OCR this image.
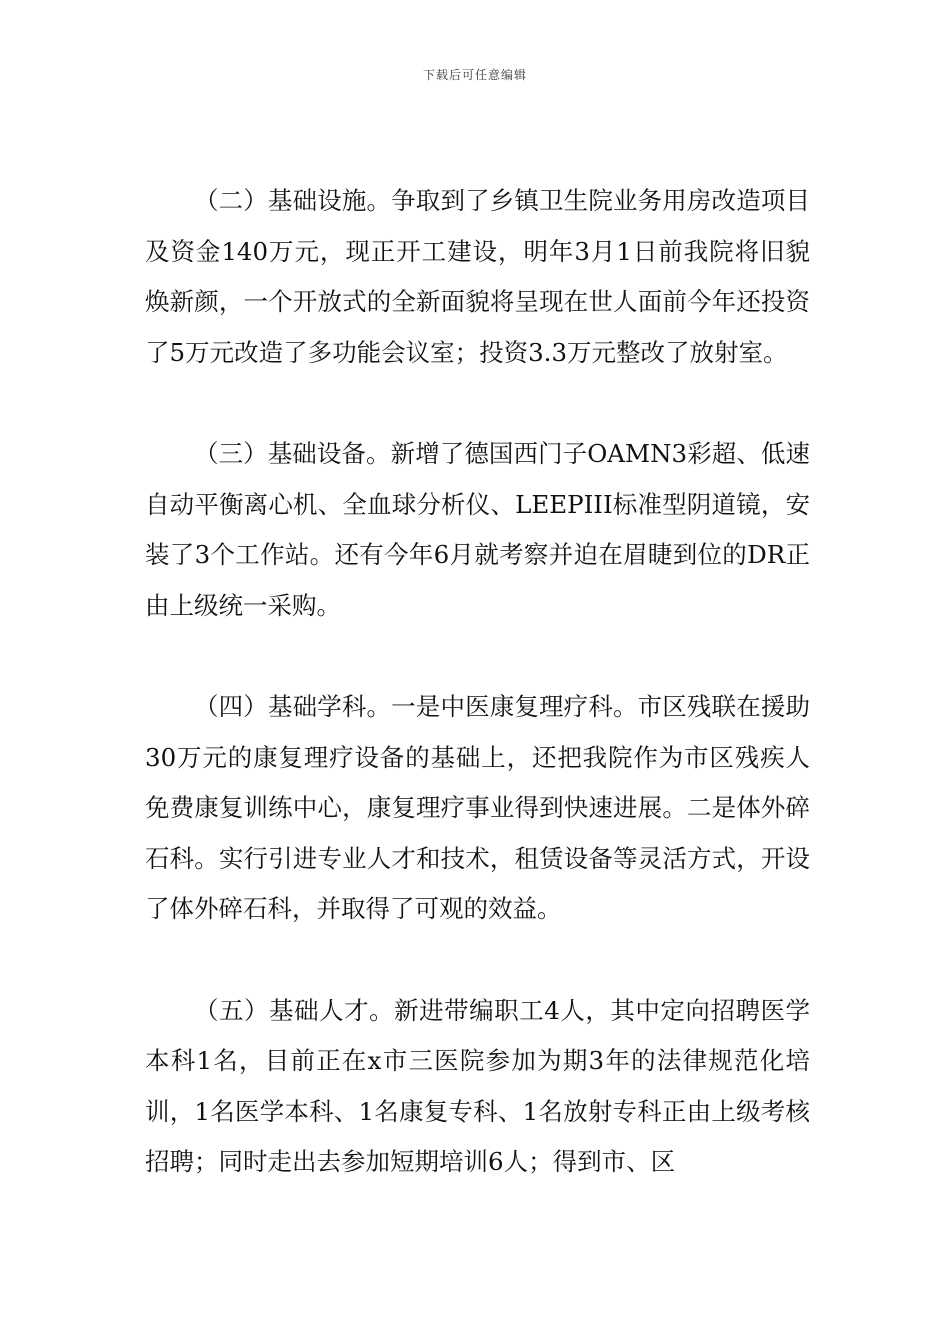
下载后可任意编辑

（二）基础设施。争取到了乡镇卫生院业务用房改造项目及资金140万元，现正开工建设，明年3月1日前我院将旧貌焕新颜，一个开放式的全新面貌将呈现在世人面前今年还投资了5万元改造了多功能会议室；投资3.3万元整改了放射室。

（三）基础设备。新增了德国西门子OAMN3彩超、低速自动平衡离心机、全血球分析仪、LEEPIII标准型阴道镜，安装了3个工作站。还有今年6月就考察并迫在眉睫到位的DR正由上级统一采购。

（四）基础学科。一是中医康复理疗科。市区残联在援助30万元的康复理疗设备的基础上，还把我院作为市区残疾人免费康复训练中心，康复理疗事业得到快速进展。二是体外碎石科。实行引进专业人才和技术，租赁设备等灵活方式，开设了体外碎石科，并取得了可观的效益。

（五）基础人才。新进带编职工4人，其中定向招聘医学本科1名，目前正在x市三医院参加为期3年的法律规范化培训，1名医学本科、1名康复专科、1名放射专科正由上级考核招聘；同时走出去参加短期培训6人；得到市、区
